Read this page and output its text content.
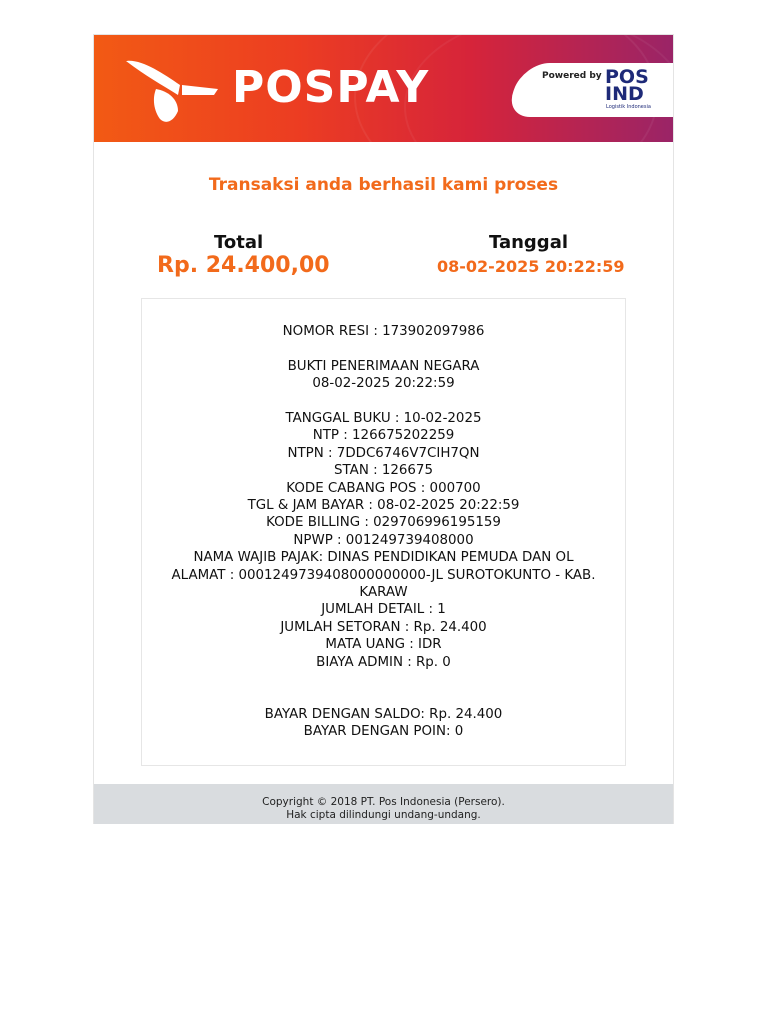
POSPAY	Powered by POS
IND
Logistik Indonesia
Transaksi anda berhasil kami proses
Total
Rp. 24.400,00
Tanggal
08-02-2025 20:22:59
NOMOR RESI : 173902097986
BUKTI PENERIMAAN NEGARA
08-02-2025 20:22:59
TANGGAL BUKU : 10-02-2025
NTP : 126675202259
NTPN : 7DDC6746V7CIH7QN
STAN : 126675
KODE CABANG POS : 000700
TGL & JAM BAYAR : 08-02-2025 20:22:59
KODE BILLING : 029706996195159
NPWP : 001249739408000
NAMA WAJIB PAJAK: DINAS PENDIDIKAN PEMUDA DAN OL
ALAMAT : 0001249739408000000000-JL SUROTOKUNTO - KAB.
KARAW
JUMLAH DETAIL : 1
JUMLAH SETORAN : Rp. 24.400
MATA UANG : IDR
BIAYA ADMIN : Rp. 0
BAYAR DENGAN SALDO: Rp. 24.400
BAYAR DENGAN POIN: 0
Copyright © 2018 PT. Pos Indonesia (Persero).
Hak cipta dilindungi undang-undang.
